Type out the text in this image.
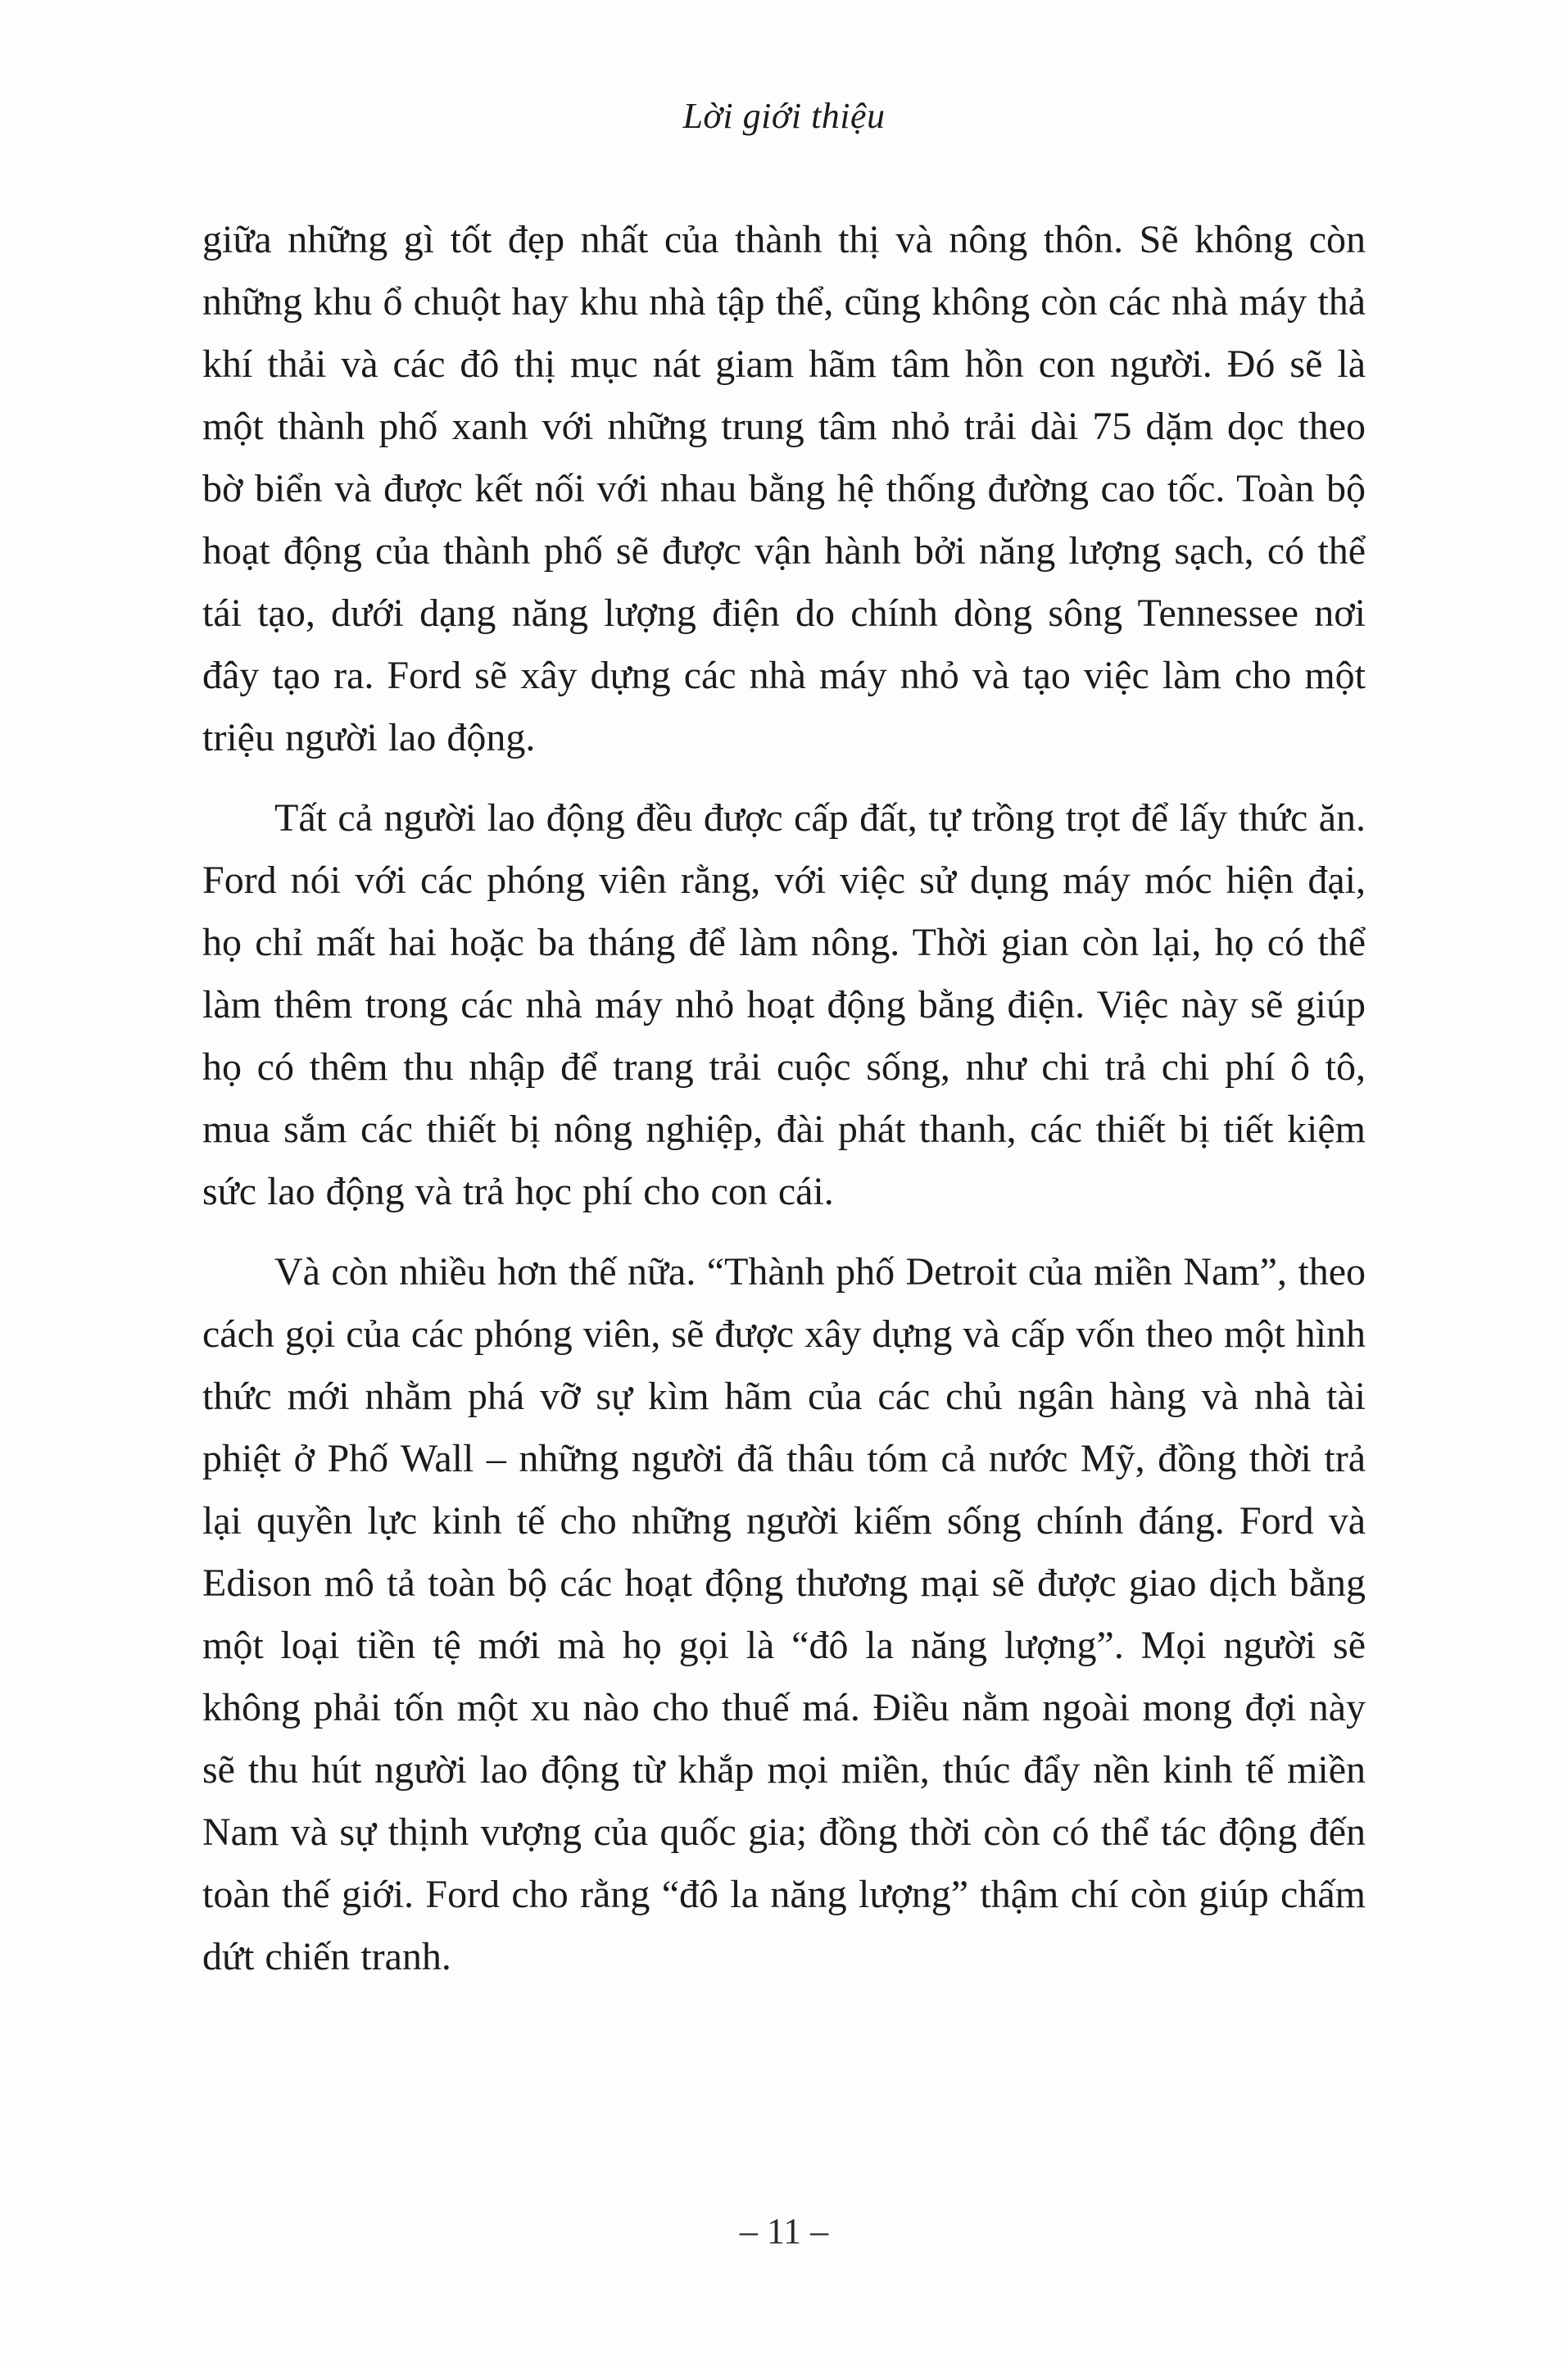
Lời giới thiệu

giữa những gì tốt đẹp nhất của thành thị và nông thôn. Sẽ không còn những khu ổ chuột hay khu nhà tập thể, cũng không còn các nhà máy thả khí thải và các đô thị mục nát giam hãm tâm hồn con người. Đó sẽ là một thành phố xanh với những trung tâm nhỏ trải dài 75 dặm dọc theo bờ biển và được kết nối với nhau bằng hệ thống đường cao tốc. Toàn bộ hoạt động của thành phố sẽ được vận hành bởi năng lượng sạch, có thể tái tạo, dưới dạng năng lượng điện do chính dòng sông Tennessee nơi đây tạo ra. Ford sẽ xây dựng các nhà máy nhỏ và tạo việc làm cho một triệu người lao động.

Tất cả người lao động đều được cấp đất, tự trồng trọt để lấy thức ăn. Ford nói với các phóng viên rằng, với việc sử dụng máy móc hiện đại, họ chỉ mất hai hoặc ba tháng để làm nông. Thời gian còn lại, họ có thể làm thêm trong các nhà máy nhỏ hoạt động bằng điện. Việc này sẽ giúp họ có thêm thu nhập để trang trải cuộc sống, như chi trả chi phí ô tô, mua sắm các thiết bị nông nghiệp, đài phát thanh, các thiết bị tiết kiệm sức lao động và trả học phí cho con cái.

Và còn nhiều hơn thế nữa. “Thành phố Detroit của miền Nam”, theo cách gọi của các phóng viên, sẽ được xây dựng và cấp vốn theo một hình thức mới nhằm phá vỡ sự kìm hãm của các chủ ngân hàng và nhà tài phiệt ở Phố Wall – những người đã thâu tóm cả nước Mỹ, đồng thời trả lại quyền lực kinh tế cho những người kiếm sống chính đáng. Ford và Edison mô tả toàn bộ các hoạt động thương mại sẽ được giao dịch bằng một loại tiền tệ mới mà họ gọi là “đô la năng lượng”. Mọi người sẽ không phải tốn một xu nào cho thuế má. Điều nằm ngoài mong đợi này sẽ thu hút người lao động từ khắp mọi miền, thúc đẩy nền kinh tế miền Nam và sự thịnh vượng của quốc gia; đồng thời còn có thể tác động đến toàn thế giới. Ford cho rằng “đô la năng lượng” thậm chí còn giúp chấm dứt chiến tranh.

– 11 –
